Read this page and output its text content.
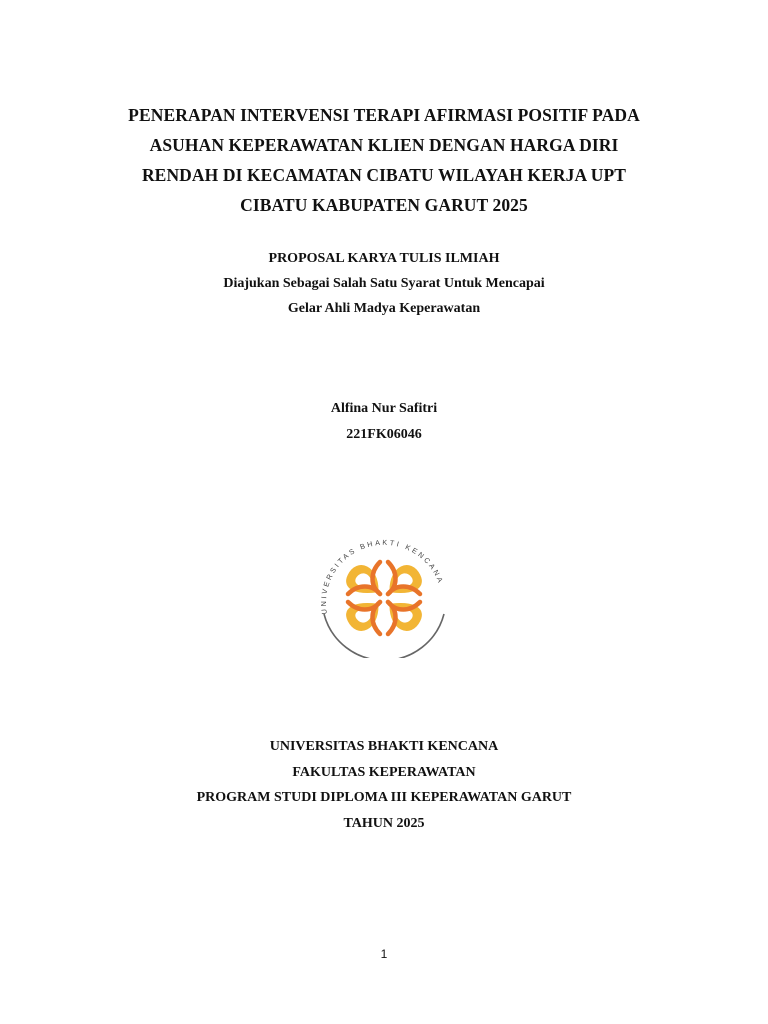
PENERAPAN INTERVENSI TERAPI AFIRMASI POSITIF PADA
ASUHAN KEPERAWATAN KLIEN DENGAN HARGA DIRI
RENDAH DI KECAMATAN CIBATU WILAYAH KERJA UPT
CIBATU KABUPATEN GARUT 2025
PROPOSAL KARYA TULIS ILMIAH
Diajukan Sebagai Salah Satu Syarat Untuk Mencapai
Gelar Ahli Madya Keperawatan
Alfina Nur Safitri
221FK06046
UNIVERSITAS BHAKTI KENCANA
UNIVERSITAS BHAKTI KENCANA
FAKULTAS KEPERAWATAN
PROGRAM STUDI DIPLOMA III KEPERAWATAN GARUT
TAHUN 2025
1
